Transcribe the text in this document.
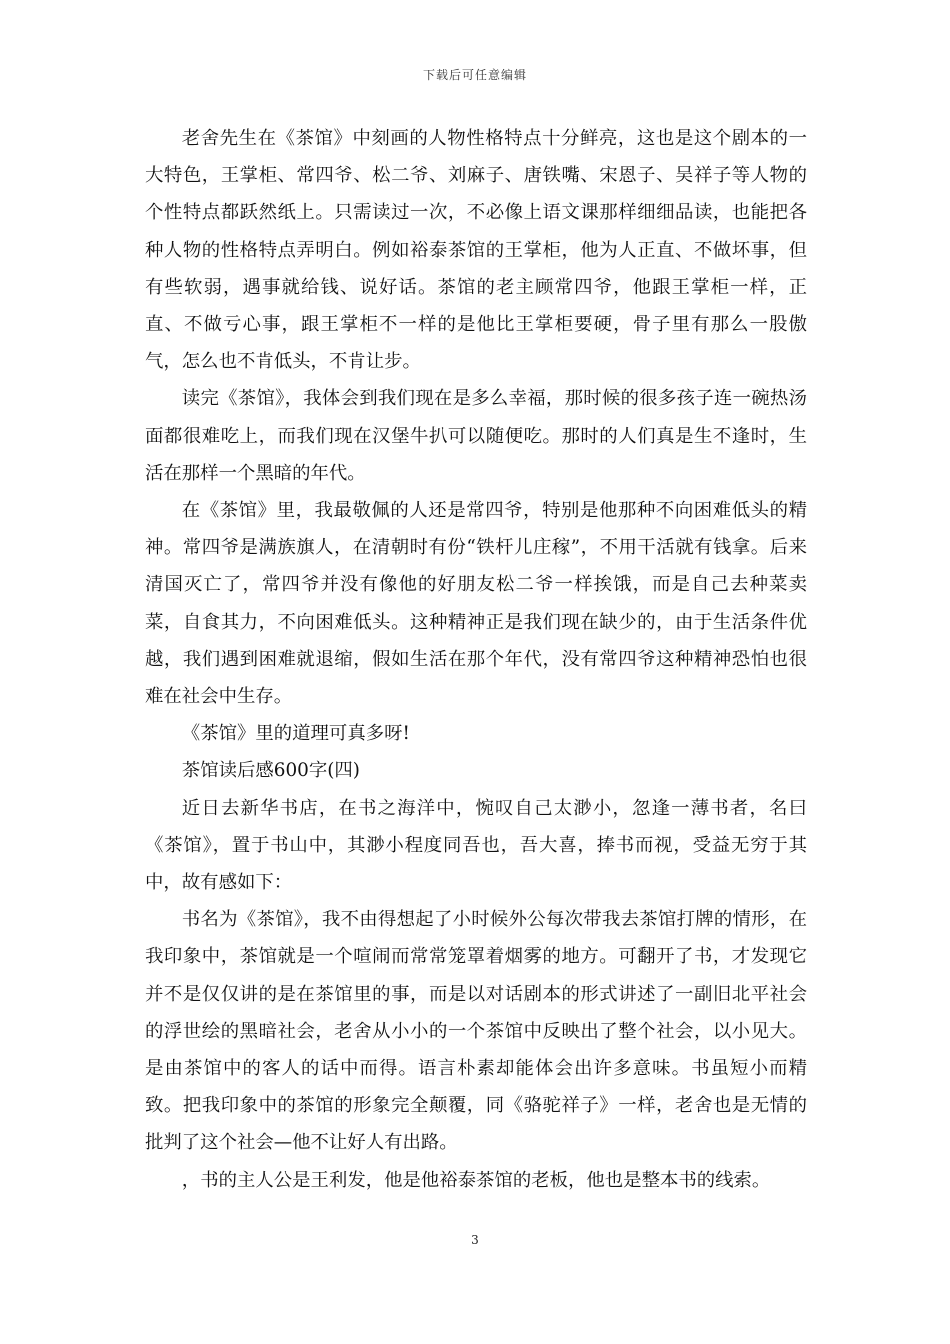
下载后可任意编辑

老舍先生在《茶馆》中刻画的人物性格特点十分鲜亮，这也是这个剧本的一大特色，王掌柜、常四爷、松二爷、刘麻子、唐铁嘴、宋恩子、吴祥子等人物的个性特点都跃然纸上。只需读过一次，不必像上语文课那样细细品读，也能把各种人物的性格特点弄明白。例如裕泰茶馆的王掌柜，他为人正直、不做坏事，但有些软弱，遇事就给钱、说好话。茶馆的老主顾常四爷，他跟王掌柜一样，正直、不做亏心事，跟王掌柜不一样的是他比王掌柜要硬，骨子里有那么一股傲气，怎么也不肯低头，不肯让步。

读完《茶馆》，我体会到我们现在是多么幸福，那时候的很多孩子连一碗热汤面都很难吃上，而我们现在汉堡牛扒可以随便吃。那时的人们真是生不逢时，生活在那样一个黑暗的年代。

在《茶馆》里，我最敬佩的人还是常四爷，特别是他那种不向困难低头的精神。常四爷是满族旗人，在清朝时有份“铁杆儿庄稼”，不用干活就有钱拿。后来清国灭亡了，常四爷并没有像他的好朋友松二爷一样挨饿，而是自己去种菜卖菜，自食其力，不向困难低头。这种精神正是我们现在缺少的，由于生活条件优越，我们遇到困难就退缩，假如生活在那个年代，没有常四爷这种精神恐怕也很难在社会中生存。

《茶馆》里的道理可真多呀!

茶馆读后感600字(四)

近日去新华书店，在书之海洋中，惋叹自己太渺小，忽逢一薄书者，名曰《茶馆》，置于书山中，其渺小程度同吾也，吾大喜，捧书而视，受益无穷于其中，故有感如下：

书名为《茶馆》，我不由得想起了小时候外公每次带我去茶馆打牌的情形，在我印象中，茶馆就是一个喧闹而常常笼罩着烟雾的地方。可翻开了书，才发现它并不是仅仅讲的是在茶馆里的事，而是以对话剧本的形式讲述了一副旧北平社会的浮世绘的黑暗社会，老舍从小小的一个茶馆中反映出了整个社会，以小见大。是由茶馆中的客人的话中而得。语言朴素却能体会出许多意味。书虽短小而精致。把我印象中的茶馆的形象完全颠覆，同《骆驼祥子》一样，老舍也是无情的批判了这个社会—他不让好人有出路。

，书的主人公是王利发，他是他裕泰茶馆的老板，他也是整本书的线索。

3
